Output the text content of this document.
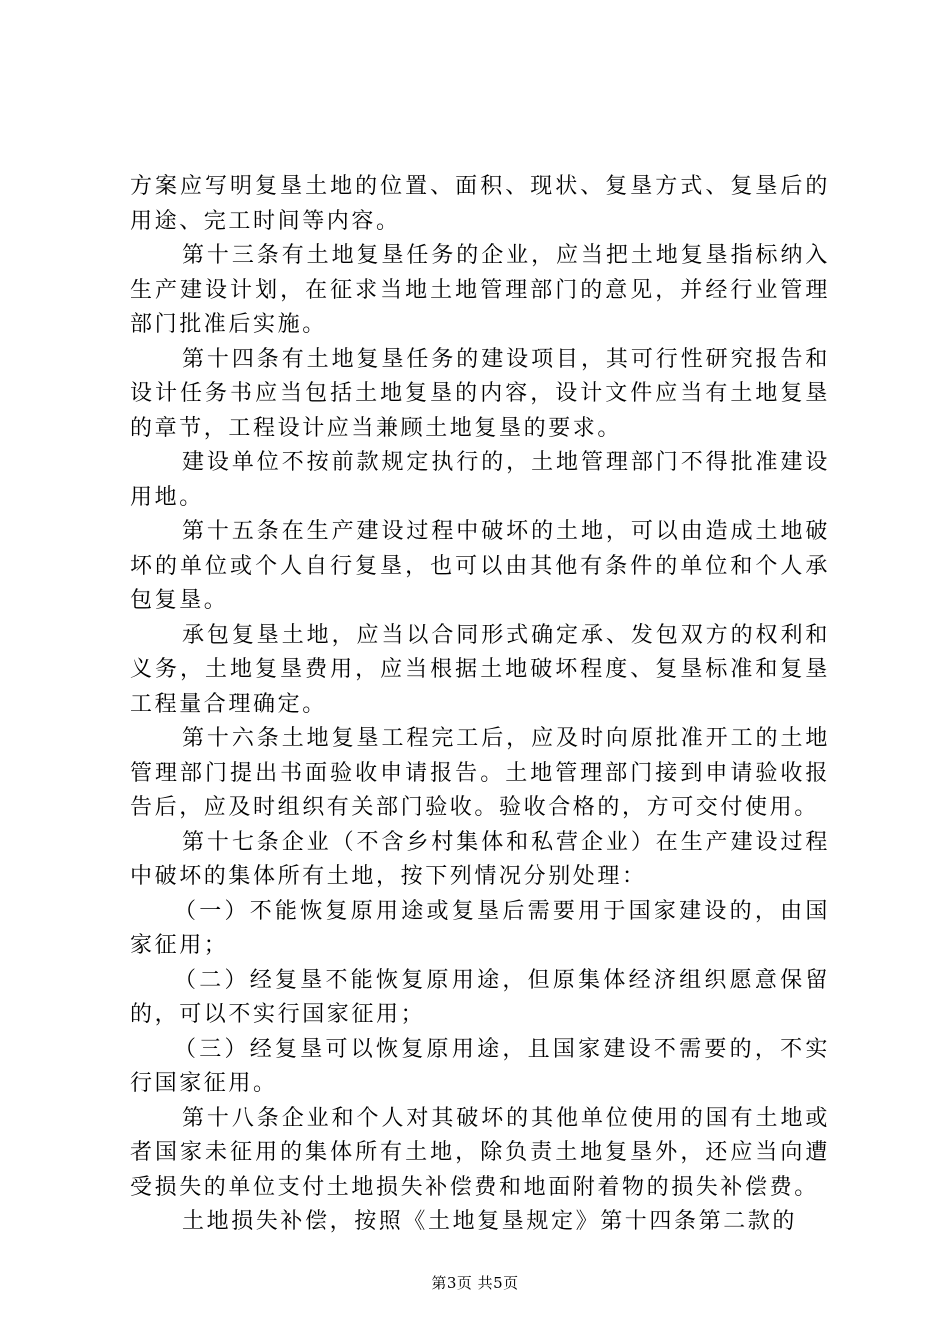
方案应写明复垦土地的位置、面积、现状、复垦方式、复垦后的用途、完工时间等内容。

第十三条有土地复垦任务的企业，应当把土地复垦指标纳入生产建设计划，在征求当地土地管理部门的意见，并经行业管理部门批准后实施。

第十四条有土地复垦任务的建设项目，其可行性研究报告和设计任务书应当包括土地复垦的内容，设计文件应当有土地复垦的章节，工程设计应当兼顾土地复垦的要求。

建设单位不按前款规定执行的，土地管理部门不得批准建设用地。

第十五条在生产建设过程中破坏的土地，可以由造成土地破坏的单位或个人自行复垦，也可以由其他有条件的单位和个人承包复垦。

承包复垦土地，应当以合同形式确定承、发包双方的权利和义务，土地复垦费用，应当根据土地破坏程度、复垦标准和复垦工程量合理确定。

第十六条土地复垦工程完工后，应及时向原批准开工的土地管理部门提出书面验收申请报告。土地管理部门接到申请验收报告后，应及时组织有关部门验收。验收合格的，方可交付使用。

第十七条企业（不含乡村集体和私营企业）在生产建设过程中破坏的集体所有土地，按下列情况分别处理：

（一）不能恢复原用途或复垦后需要用于国家建设的，由国家征用；

（二）经复垦不能恢复原用途，但原集体经济组织愿意保留的，可以不实行国家征用；

（三）经复垦可以恢复原用途，且国家建设不需要的，不实行国家征用。

第十八条企业和个人对其破坏的其他单位使用的国有土地或者国家未征用的集体所有土地，除负责土地复垦外，还应当向遭受损失的单位支付土地损失补偿费和地面附着物的损失补偿费。

土地损失补偿，按照《土地复垦规定》第十四条第二款的

第3页 共5页
